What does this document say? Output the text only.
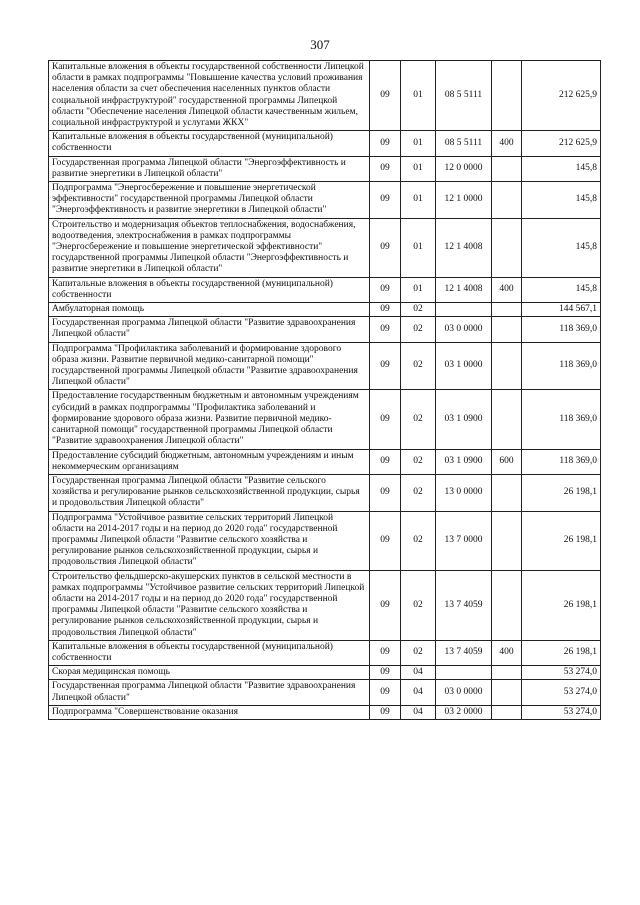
307
Капитальные вложения в объекты государственной собственности Липецкой области в рамках подпрограммы "Повышение качества условий проживания населения области за счет обеспечения населенных пунктов области социальной инфраструктурой" государственной программы Липецкой области "Обеспечение населения Липецкой области качественным жильем, социальной инфраструктурой и услугами ЖКХ"	09	01	08 5 5111		212 625,9
Капитальные вложения в объекты государственной (муниципальной) собственности	09	01	08 5 5111	400	212 625,9
Государственная программа Липецкой области "Энергоэффективность и развитие энергетики в Липецкой области"	09	01	12 0 0000		145,8
Подпрограмма "Энергосбережение и повышение энергетической эффективности" государственной программы Липецкой области "Энергоэффективность и развитие энергетики в Липецкой области"	09	01	12 1 0000		145,8
Строительство и модернизация объектов теплоснабжения, водоснабжения, водоотведения, электроснабжения в рамках подпрограммы "Энергосбережение и повышение энергетической эффективности" государственной программы Липецкой области "Энергоэффективность и развитие энергетики в Липецкой области"	09	01	12 1 4008		145,8
Капитальные вложения в объекты государственной (муниципальной) собственности	09	01	12 1 4008	400	145,8
Амбулаторная помощь	09	02			144 567,1
Государственная программа Липецкой области "Развитие здравоохранения Липецкой области"	09	02	03 0 0000		118 369,0
Подпрограмма "Профилактика заболеваний и формирование здорового образа жизни. Развитие первичной медико-санитарной помощи" государственной программы Липецкой области "Развитие здравоохранения Липецкой области"	09	02	03 1 0000		118 369,0
Предоставление государственным бюджетным и автономным учреждениям субсидий в рамках подпрограммы "Профилактика заболеваний и формирование здорового образа жизни. Развитие первичной медико-санитарной помощи" государственной программы Липецкой области "Развитие здравоохранения Липецкой области"	09	02	03 1 0900		118 369,0
Предоставление субсидий бюджетным, автономным учреждениям и иным некоммерческим организациям	09	02	03 1 0900	600	118 369,0
Государственная программа Липецкой области "Развитие сельского хозяйства и регулирование рынков сельскохозяйственной продукции, сырья и продовольствия Липецкой области"	09	02	13 0 0000		26 198,1
Подпрограмма "Устойчивое развитие сельских территорий Липецкой области на 2014-2017 годы и на период до 2020 года" государственной программы Липецкой области "Развитие сельского хозяйства и регулирование рынков сельскохозяйственной продукции, сырья и продовольствия Липецкой области"	09	02	13 7 0000		26 198,1
Строительство фельдшерско-акушерских пунктов в сельской местности в рамках подпрограммы "Устойчивое развитие сельских территорий Липецкой области на 2014-2017 годы и на период до 2020 года" государственной программы Липецкой области "Развитие сельского хозяйства и регулирование рынков сельскохозяйственной продукции, сырья и продовольствия Липецкой области"	09	02	13 7 4059		26 198,1
Капитальные вложения в объекты государственной (муниципальной) собственности	09	02	13 7 4059	400	26 198,1
Скорая медицинская помощь	09	04			53 274,0
Государственная программа Липецкой области "Развитие здравоохранения Липецкой области"	09	04	03 0 0000		53 274,0
Подпрограмма "Совершенствование оказания	09	04	03 2 0000		53 274,0
